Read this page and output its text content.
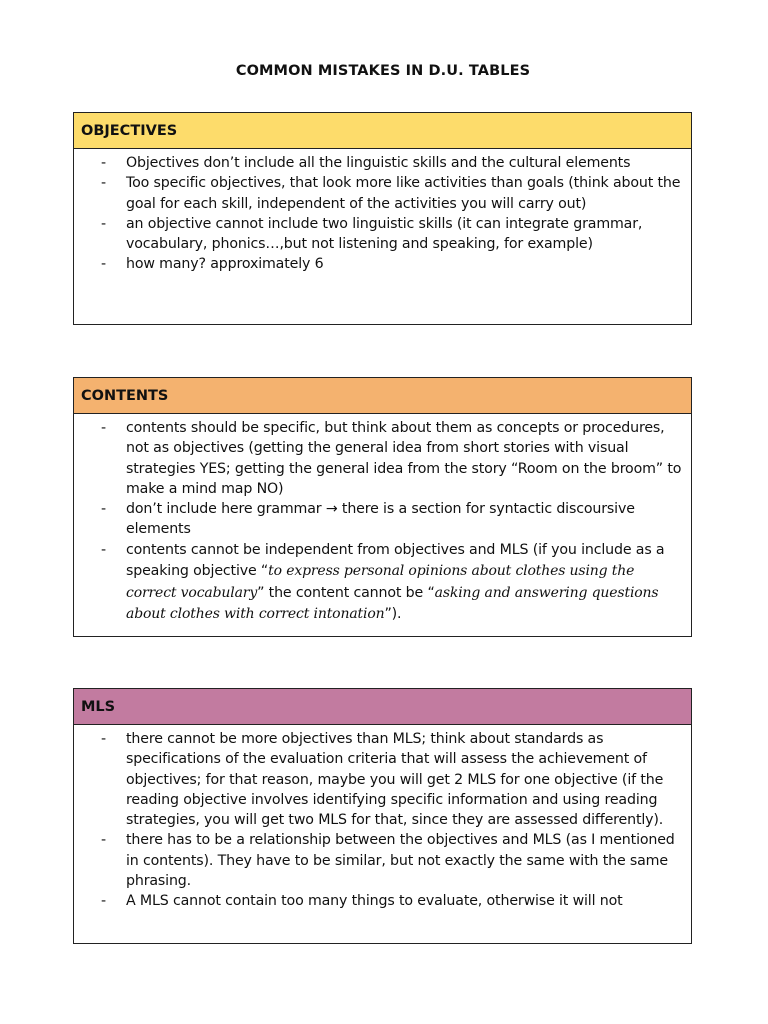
COMMON MISTAKES IN D.U. TABLES
OBJECTIVES
- Objectives don’t include all the linguistic skills and the cultural elements
- Too specific objectives, that look more like activities than goals (think about the goal for each skill, independent of the activities you will carry out)
- an objective cannot include two linguistic skills (it can integrate grammar, vocabulary, phonics…,but not listening and speaking, for example)
- how many? approximately 6
CONTENTS
- contents should be specific, but think about them as concepts or procedures, not as objectives (getting the general idea from short stories with visual strategies YES; getting the general idea from the story “Room on the broom” to make a mind map NO)
- don’t include here grammar → there is a section for syntactic discoursive elements
- contents cannot be independent from objectives and MLS (if you include as a speaking objective “to express personal opinions about clothes using the correct vocabulary” the content cannot be “asking and answering questions about clothes with correct intonation”).
MLS
- there cannot be more objectives than MLS; think about standards as specifications of the evaluation criteria that will assess the achievement of objectives; for that reason, maybe you will get 2 MLS for one objective (if the reading objective involves identifying specific information and using reading strategies, you will get two MLS for that, since they are assessed differently).
- there has to be a relationship between the objectives and MLS (as I mentioned in contents). They have to be similar, but not exactly the same with the same phrasing.
- A MLS cannot contain too many things to evaluate, otherwise it will not
